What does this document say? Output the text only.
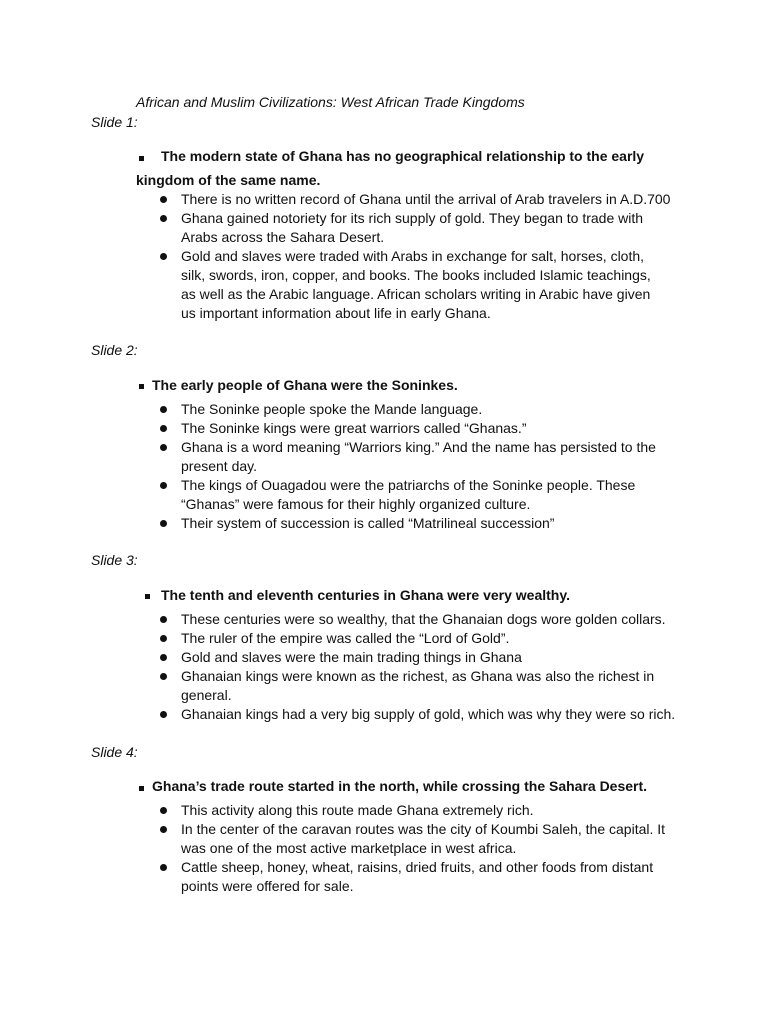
African and Muslim Civilizations: West African Trade Kingdoms
Slide 1:
The modern state of Ghana has no geographical relationship to the early
kingdom of the same name.
There is no written record of Ghana until the arrival of Arab travelers in A.D.700
Ghana gained notoriety for its rich supply of gold. They began to trade with Arabs across the Sahara Desert.
Gold and slaves were traded with Arabs in exchange for salt, horses, cloth, silk, swords, iron, copper, and books. The books included Islamic teachings, as well as the Arabic language. African scholars writing in Arabic have given us important information about life in early Ghana.
Slide 2:
The early people of Ghana were the Soninkes.
The Soninke people spoke the Mande language.
The Soninke kings were great warriors called “Ghanas.”
Ghana is a word meaning “Warriors king.” And the name has persisted to the present day.
The kings of Ouagadou were the patriarchs of the Soninke people. These “Ghanas” were famous for their highly organized culture.
Their system of succession is called “Matrilineal succession”
Slide 3:
The tenth and eleventh centuries in Ghana were very wealthy.
These centuries were so wealthy, that the Ghanaian dogs wore golden collars.
The ruler of the empire was called the “Lord of Gold”.
Gold and slaves were the main trading things in Ghana
Ghanaian kings were known as the richest, as Ghana was also the richest in general.
Ghanaian kings had a very big supply of gold, which was why they were so rich.
Slide 4:
Ghana’s trade route started in the north, while crossing the Sahara Desert.
This activity along this route made Ghana extremely rich.
In the center of the caravan routes was the city of Koumbi Saleh, the capital. It was one of the most active marketplace in west africa.
Cattle sheep, honey, wheat, raisins, dried fruits, and other foods from distant points were offered for sale.
